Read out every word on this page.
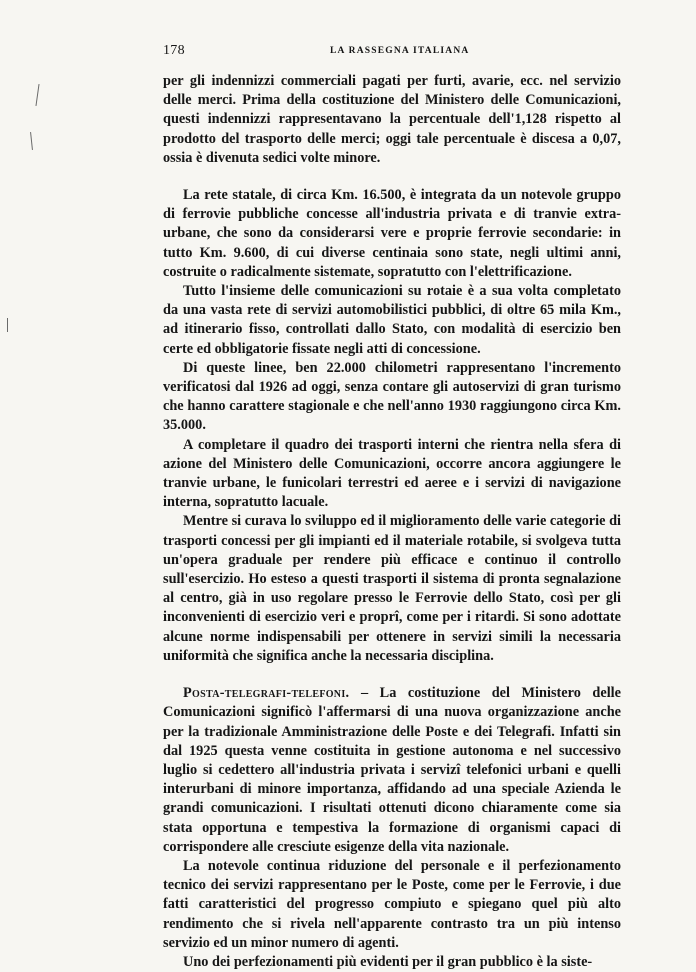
178	LA RASSEGNA ITALIANA

per gli indennizzi commerciali pagati per furti, avarie, ecc. nel servizio delle merci. Prima della costituzione del Ministero delle Comunicazioni, questi indennizzi rappresentavano la percentuale dell'1,128 rispetto al prodotto del trasporto delle merci; oggi tale percentuale è discesa a 0,07, ossia è divenuta sedici volte minore.

La rete statale, di circa Km. 16.500, è integrata da un notevole gruppo di ferrovie pubbliche concesse all'industria privata e di tranvie extra-urbane, che sono da considerarsi vere e proprie ferrovie secondarie: in tutto Km. 9.600, di cui diverse centinaia sono state, negli ultimi anni, costruite o radicalmente sistemate, sopratutto con l'elettrificazione.

Tutto l'insieme delle comunicazioni su rotaie è a sua volta completato da una vasta rete di servizi automobilistici pubblici, di oltre 65 mila Km., ad itinerario fisso, controllati dallo Stato, con modalità di esercizio ben certe ed obbligatorie fissate negli atti di concessione.

Di queste linee, ben 22.000 chilometri rappresentano l'incremento verificatosi dal 1926 ad oggi, senza contare gli autoservizi di gran turismo che hanno carattere stagionale e che nell'anno 1930 raggiungono circa Km. 35.000.

A completare il quadro dei trasporti interni che rientra nella sfera di azione del Ministero delle Comunicazioni, occorre ancora aggiungere le tranvie urbane, le funicolari terrestri ed aeree e i servizi di navigazione interna, sopratutto lacuale.

Mentre si curava lo sviluppo ed il miglioramento delle varie categorie di trasporti concessi per gli impianti ed il materiale rotabile, si svolgeva tutta un'opera graduale per rendere più efficace e continuo il controllo sull'esercizio. Ho esteso a questi trasporti il sistema di pronta segnalazione al centro, già in uso regolare presso le Ferrovie dello Stato, così per gli inconvenienti di esercizio veri e proprî, come per i ritardi. Si sono adottate alcune norme indispensabili per ottenere in servizi simili la necessaria uniformità che significa anche la necessaria disciplina.

Posta-telegrafi-telefoni. – La costituzione del Ministero delle Comunicazioni significò l'affermarsi di una nuova organizzazione anche per la tradizionale Amministrazione delle Poste e dei Telegrafi. Infatti sin dal 1925 questa venne costituita in gestione autonoma e nel successivo luglio si cedettero all'industria privata i servizî telefonici urbani e quelli interurbani di minore importanza, affidando ad una speciale Azienda le grandi comunicazioni. I risultati ottenuti dicono chiaramente come sia stata opportuna e tempestiva la formazione di organismi capaci di corrispondere alle cresciute esigenze della vita nazionale.

La notevole continua riduzione del personale e il perfezionamento tecnico dei servizi rappresentano per le Poste, come per le Ferrovie, i due fatti caratteristici del progresso compiuto e spiegano quel più alto rendimento che si rivela nell'apparente contrasto tra un più intenso servizio ed un minor numero di agenti.

Uno dei perfezionamenti più evidenti per il gran pubblico è la siste-
